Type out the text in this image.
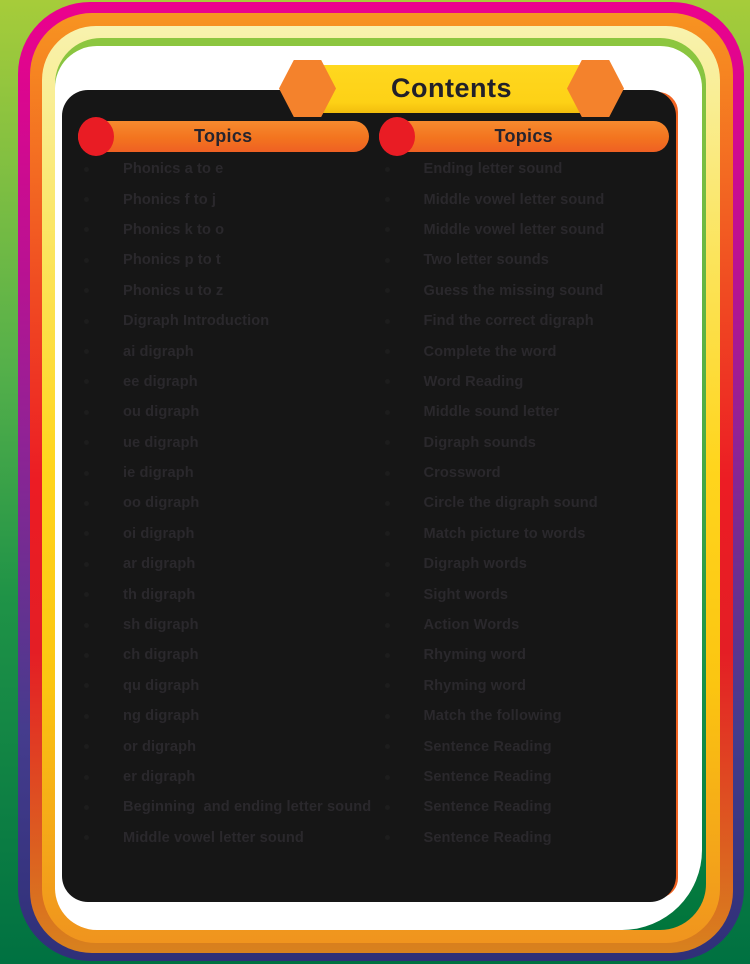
Contents
Topics
Phonics a to e
Phonics f to j
Phonics k to o
Phonics p to t
Phonics u to z
Digraph Introduction
ai digraph
ee digraph
ou digraph
ue digraph
ie digraph
oo digraph
oi digraph
ar digraph
th digraph
sh digraph
ch digraph
qu digraph
ng digraph
or digraph
er digraph
Beginning  and ending letter sound
Middle vowel letter sound
Topics
Ending letter sound
Middle vowel letter sound
Middle vowel letter sound
Two letter sounds
Guess the missing sound
Find the correct digraph
Complete the word
Word Reading
Middle sound letter
Digraph sounds
Crossword
Circle the digraph sound
Match picture to words
Digraph words
Sight words
Action Words
Rhyming word
Rhyming word
Match the following
Sentence Reading
Sentence Reading
Sentence Reading
Sentence Reading
